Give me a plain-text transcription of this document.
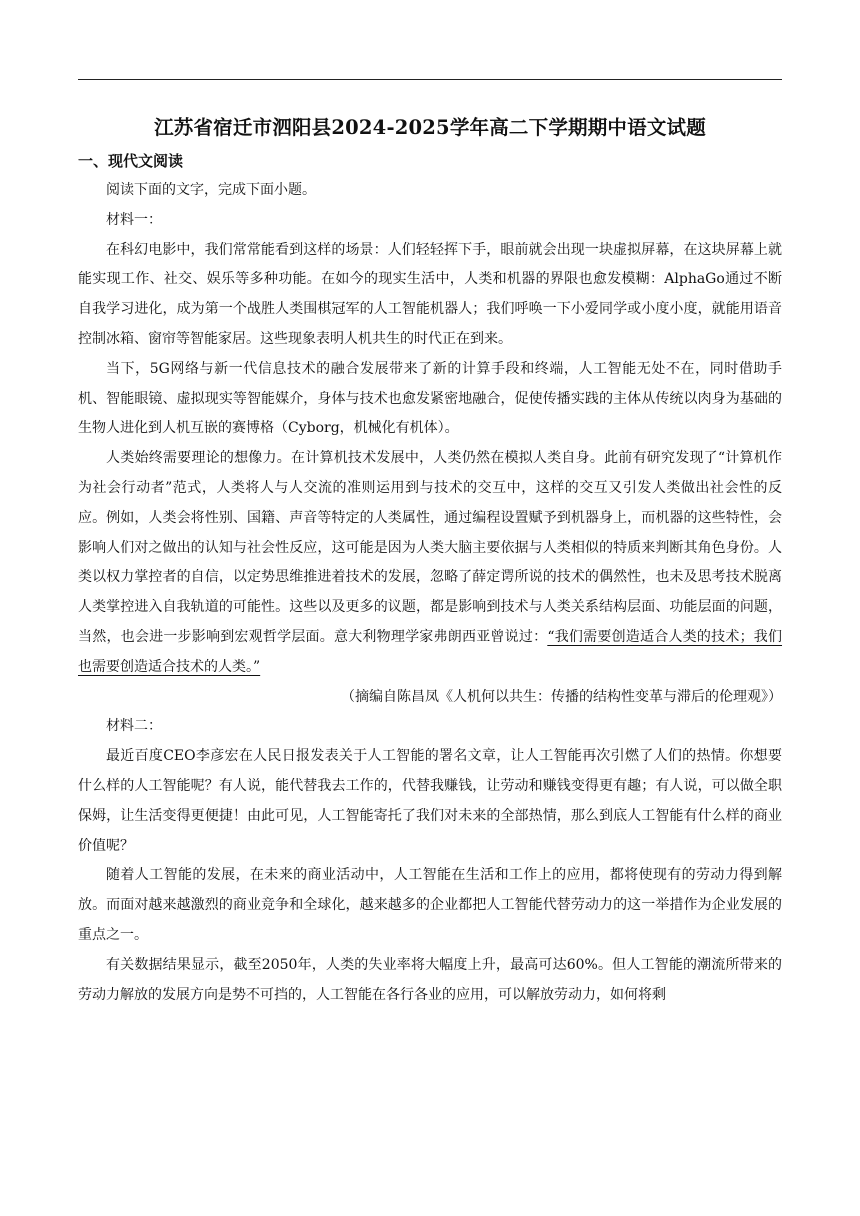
江苏省宿迁市泗阳县2024-2025学年高二下学期期中语文试题
一、现代文阅读

阅读下面的文字，完成下面小题。

材料一：

在科幻电影中，我们常常能看到这样的场景：人们轻轻挥下手，眼前就会出现一块虚拟屏幕，在这块屏幕上就能实现工作、社交、娱乐等多种功能。在如今的现实生活中，人类和机器的界限也愈发模糊：AlphaGo通过不断自我学习进化，成为第一个战胜人类围棋冠军的人工智能机器人；我们呼唤一下小爱同学或小度小度，就能用语音控制冰箱、窗帘等智能家居。这些现象表明人机共生的时代正在到来。

当下，5G网络与新一代信息技术的融合发展带来了新的计算手段和终端，人工智能无处不在，同时借助手机、智能眼镜、虚拟现实等智能媒介，身体与技术也愈发紧密地融合，促使传播实践的主体从传统以肉身为基础的生物人进化到人机互嵌的赛博格（Cyborg，机械化有机体）。

人类始终需要理论的想像力。在计算机技术发展中，人类仍然在模拟人类自身。此前有研究发现了“计算机作为社会行动者”范式，人类将人与人交流的准则运用到与技术的交互中，这样的交互又引发人类做出社会性的反应。例如，人类会将性别、国籍、声音等特定的人类属性，通过编程设置赋予到机器身上，而机器的这些特性，会影响人们对之做出的认知与社会性反应，这可能是因为人类大脑主要依据与人类相似的特质来判断其角色身份。人类以权力掌控者的自信，以定势思维推进着技术的发展，忽略了薛定谔所说的技术的偶然性，也未及思考技术脱离人类掌控进入自我轨道的可能性。这些以及更多的议题，都是影响到技术与人类关系结构层面、功能层面的问题，当然，也会进一步影响到宏观哲学层面。意大利物理学家弗朗西亚曾说过：“我们需要创造适合人类的技术；我们也需要创造适合技术的人类。”

（摘编自陈昌凤《人机何以共生：传播的结构性变革与滞后的伦理观》）

材料二：

最近百度CEO李彦宏在人民日报发表关于人工智能的署名文章，让人工智能再次引燃了人们的热情。你想要什么样的人工智能呢？有人说，能代替我去工作的，代替我赚钱，让劳动和赚钱变得更有趣；有人说，可以做全职保姆，让生活变得更便捷！由此可见，人工智能寄托了我们对未来的全部热情，那么到底人工智能有什么样的商业价值呢？

随着人工智能的发展，在未来的商业活动中，人工智能在生活和工作上的应用，都将使现有的劳动力得到解放。而面对越来越激烈的商业竞争和全球化，越来越多的企业都把人工智能代替劳动力的这一举措作为企业发展的重点之一。

有关数据结果显示，截至2050年，人类的失业率将大幅度上升，最高可达60%。但人工智能的潮流所带来的劳动力解放的发展方向是势不可挡的，人工智能在各行各业的应用，可以解放劳动力，如何将剩
